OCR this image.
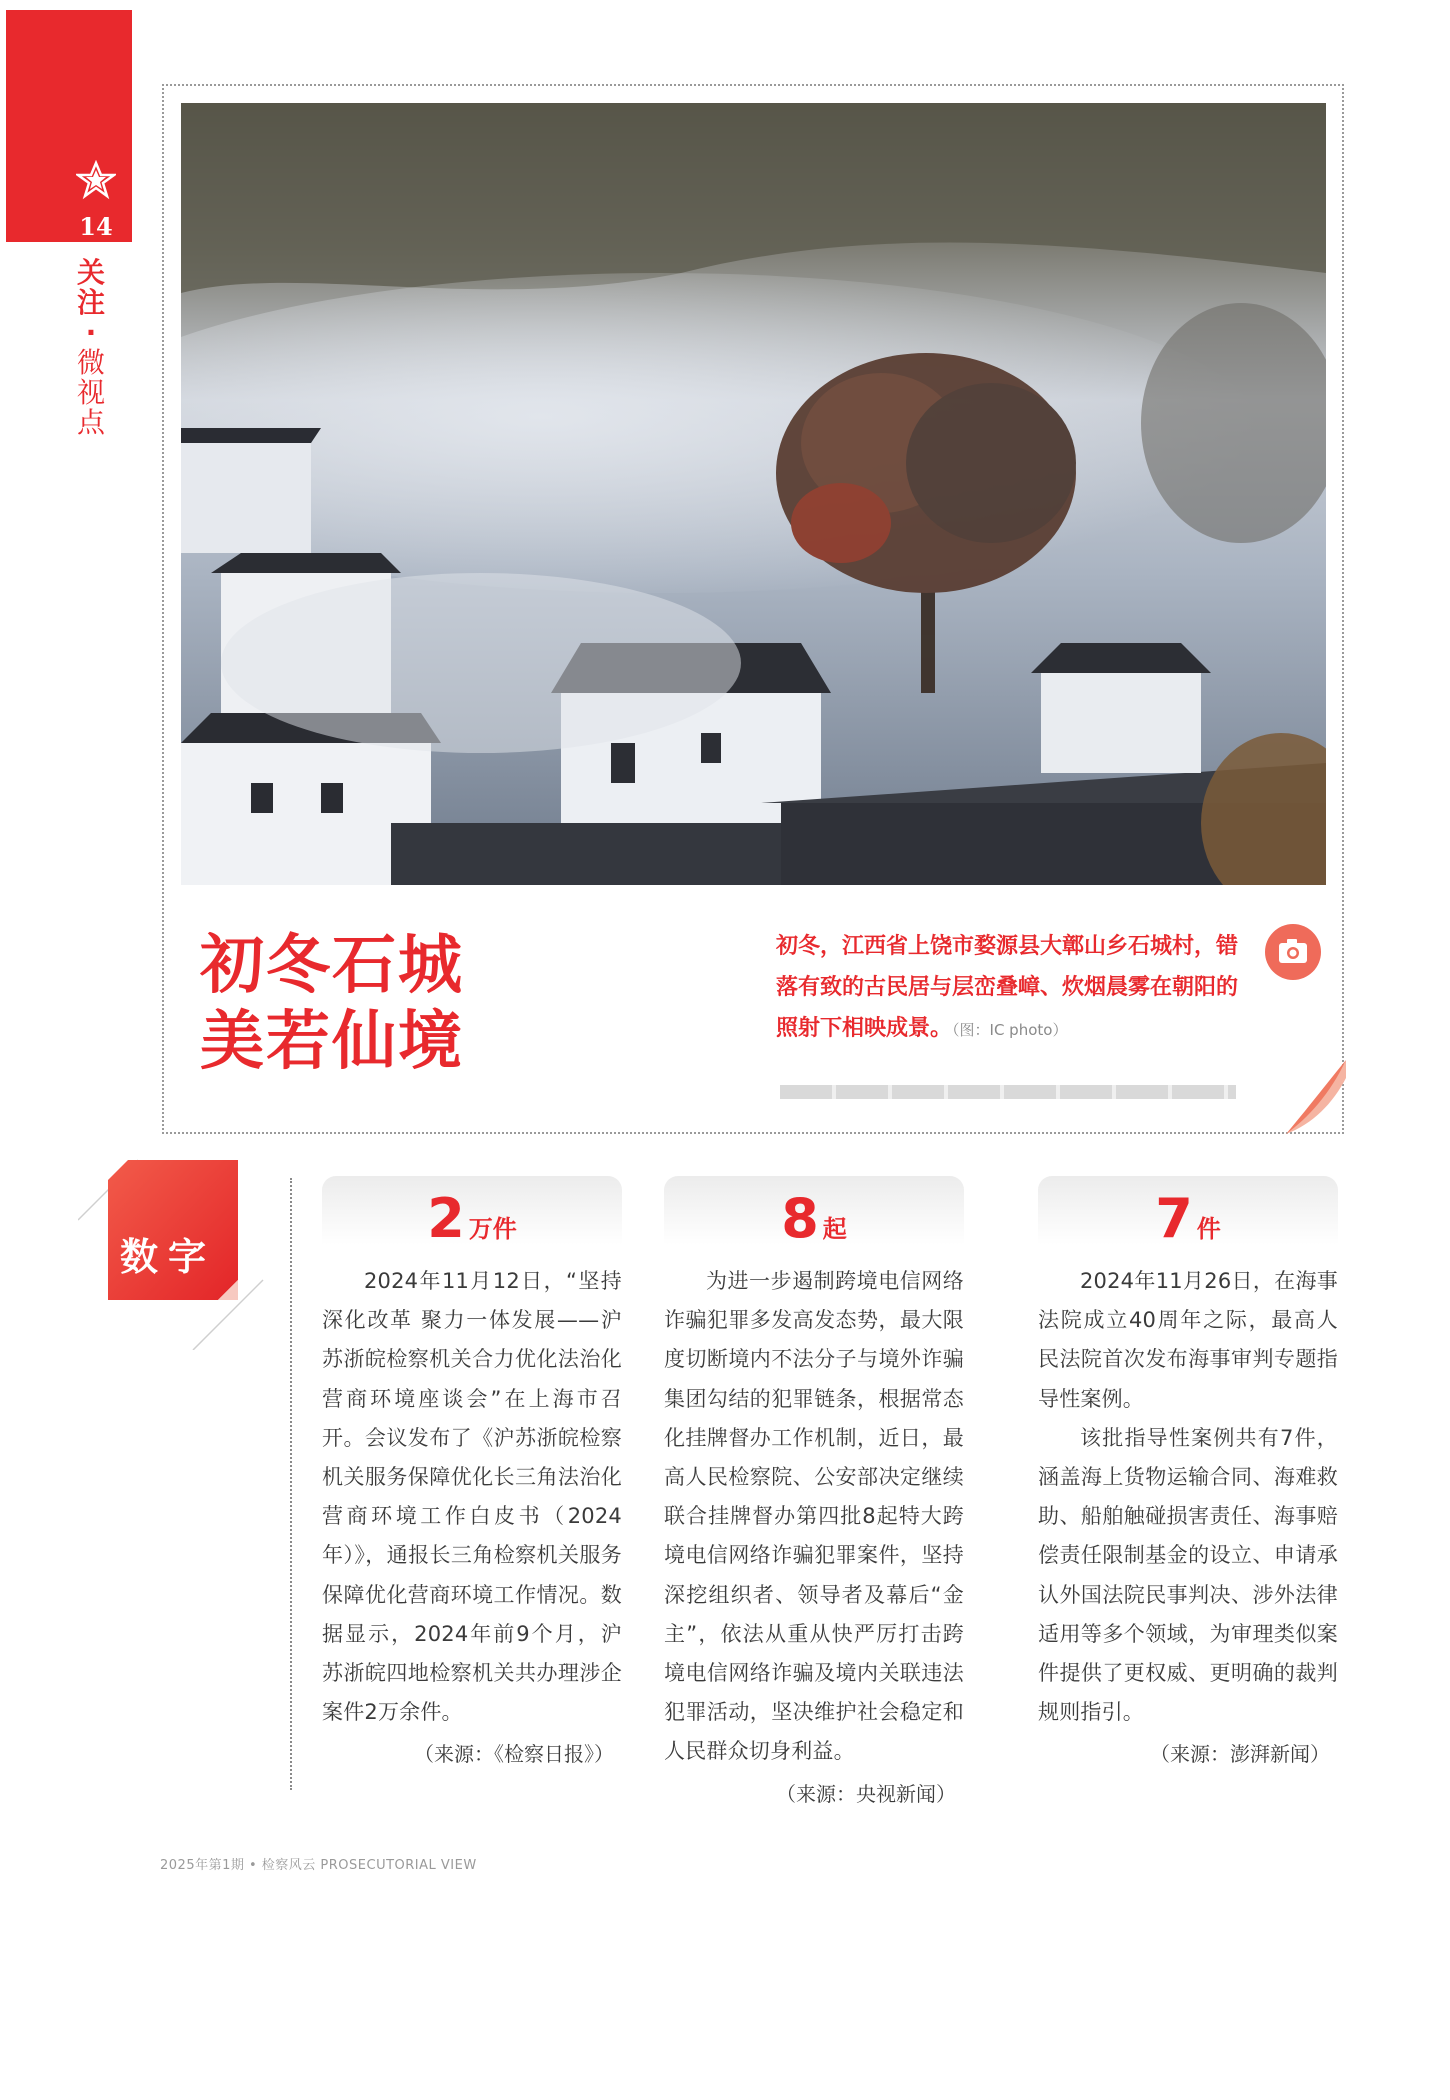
14
关注
·
微视点
初冬石城
美若仙境
初冬，江西省上饶市婺源县大鄣山乡石城村，错落有致的古民居与层峦叠嶂、炊烟晨雾在朝阳的照射下相映成景。（图：IC photo）
数字
2 万件

2024年11月12日，“坚持深化改革 聚力一体发展——沪苏浙皖检察机关合力优化法治化营商环境座谈会”在上海市召开。会议发布了《沪苏浙皖检察机关服务保障优化长三角法治化营商环境工作白皮书（2024年）》，通报长三角检察机关服务保障优化营商环境工作情况。数据显示，2024年前9个月，沪苏浙皖四地检察机关共办理涉企案件2万余件。

（来源：《检察日报》）
8 起

为进一步遏制跨境电信网络诈骗犯罪多发高发态势，最大限度切断境内不法分子与境外诈骗集团勾结的犯罪链条，根据常态化挂牌督办工作机制，近日，最高人民检察院、公安部决定继续联合挂牌督办第四批8起特大跨境电信网络诈骗犯罪案件，坚持深挖组织者、领导者及幕后“金主”，依法从重从快严厉打击跨境电信网络诈骗及境内关联违法犯罪活动，坚决维护社会稳定和人民群众切身利益。

（来源：央视新闻）
7 件

2024年11月26日，在海事法院成立40周年之际，最高人民法院首次发布海事审判专题指导性案例。

该批指导性案例共有7件，涵盖海上货物运输合同、海难救助、船舶触碰损害责任、海事赔偿责任限制基金的设立、申请承认外国法院民事判决、涉外法律适用等多个领域，为审理类似案件提供了更权威、更明确的裁判规则指引。

（来源：澎湃新闻）
2025年第1期 • 检察风云 PROSECUTORIAL VIEW
